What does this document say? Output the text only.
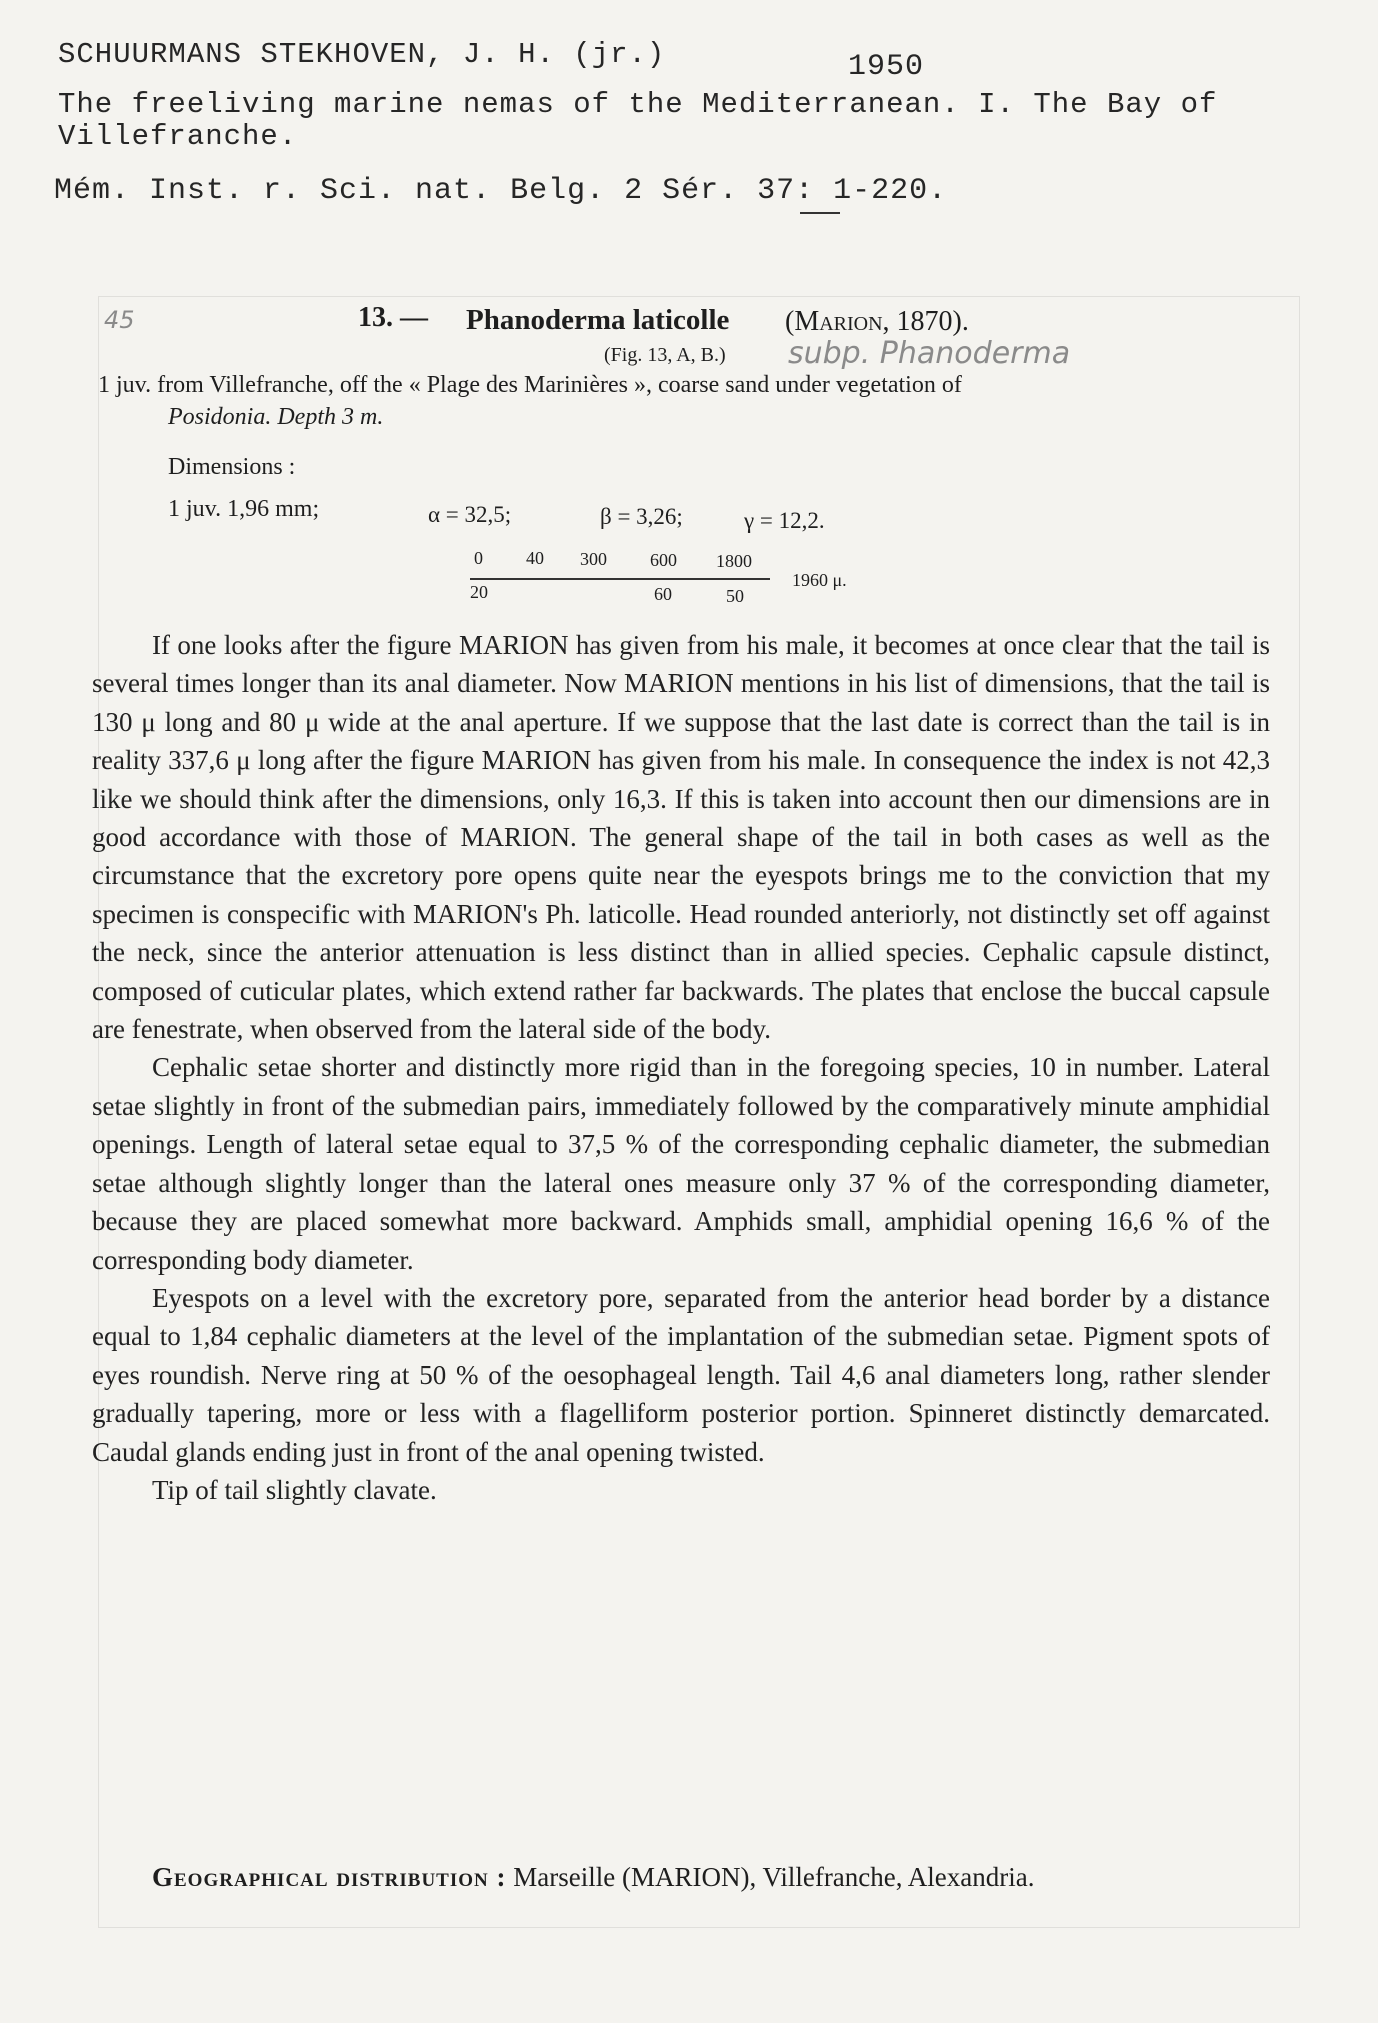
SCHUURMANS STEKHOVEN, J. H. (jr.)	1950
The freeliving marine nemas of the Mediterranean. I. The Bay of
Villefranche.
Mém. Inst. r. Sci. nat. Belg. 2 Sér. 37: 1-220.
45	13. — Phanoderma laticolle (Marion, 1870).
(Fig. 13, A, B.) subp. Phanoderma
1 juv. from Villefranche, off the « Plage des Marinières », coarse sand under vegetation of
Posidonia. Depth 3 m.
Dimensions :
1 juv. 1,96 mm;	α = 32,5;	β = 3,26;	γ = 12,2.
0 40 300 600 1800
20	60	50
1960 μ.

If one looks after the figure MARION has given from his male, it becomes at once clear that the tail is several times longer than its anal diameter. Now MARION mentions in his list of dimensions, that the tail is 130 μ long and 80 μ wide at the anal aperture. If we suppose that the last date is correct than the tail is in reality 337,6 μ long after the figure MARION has given from his male. In consequence the index is not 42,3 like we should think after the dimensions, only 16,3. If this is taken into account then our dimensions are in good accordance with those of MARION. The general shape of the tail in both cases as well as the circumstance that the excretory pore opens quite near the eyespots brings me to the conviction that my specimen is conspecific with MARION's Ph. laticolle. Head rounded anteriorly, not distinctly set off against the neck, since the anterior attenuation is less distinct than in allied species. Cephalic capsule distinct, composed of cuticular plates, which extend rather far backwards. The plates that enclose the buccal capsule are fenestrate, when observed from the lateral side of the body.

Cephalic setae shorter and distinctly more rigid than in the foregoing species, 10 in number. Lateral setae slightly in front of the submedian pairs, immediately followed by the comparatively minute amphidial openings. Length of lateral setae equal to 37,5 % of the corresponding cephalic diameter, the submedian setae although slightly longer than the lateral ones measure only 37 % of the corresponding diameter, because they are placed somewhat more backward. Amphids small, amphidial opening 16,6 % of the corresponding body diameter.

Eyespots on a level with the excretory pore, separated from the anterior head border by a distance equal to 1,84 cephalic diameters at the level of the implantation of the submedian setae. Pigment spots of eyes roundish. Nerve ring at 50 % of the oesophageal length. Tail 4,6 anal diameters long, rather slender gradually tapering, more or less with a flagelliform posterior portion. Spinneret distinctly demarcated. Caudal glands ending just in front of the anal opening twisted.

Tip of tail slightly clavate.

Geographical distribution : Marseille (MARION), Villefranche, Alexandria.
